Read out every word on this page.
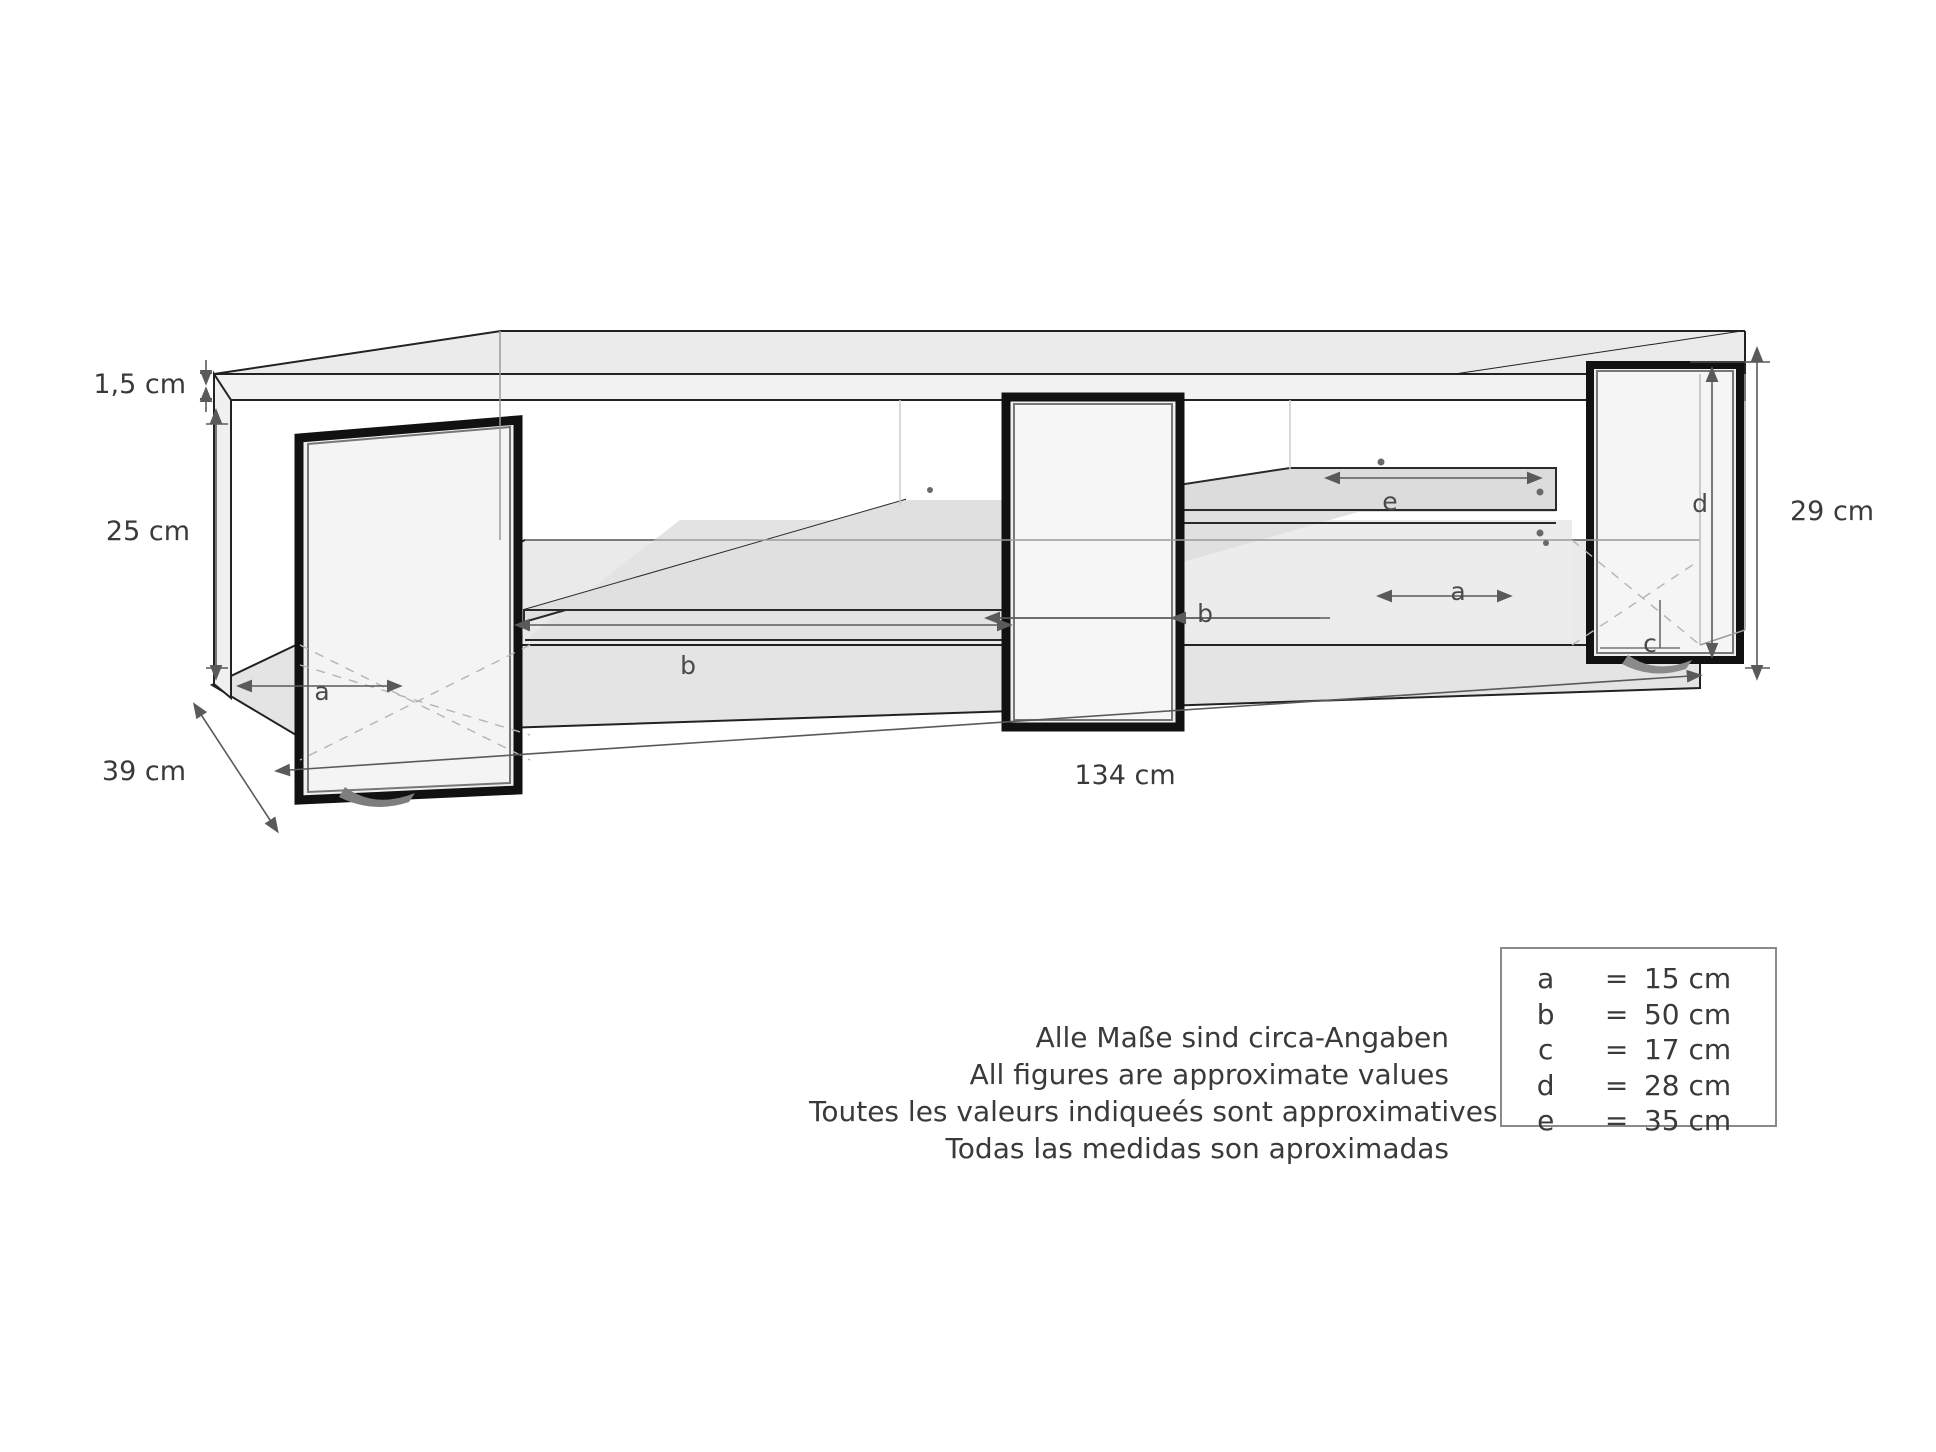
1,5 cm
25 cm
39 cm	134 cm
29 cm
a
b
b
a
c
d
e
Alle Maße sind circa-Angaben
All figures are approximate values
Toutes les valeurs indiqueés sont approximatives
Todas las medidas son aproximadas
a	=	15 cm
b	=	50 cm
c	=	17 cm
d	=	28 cm
e	=	35 cm
